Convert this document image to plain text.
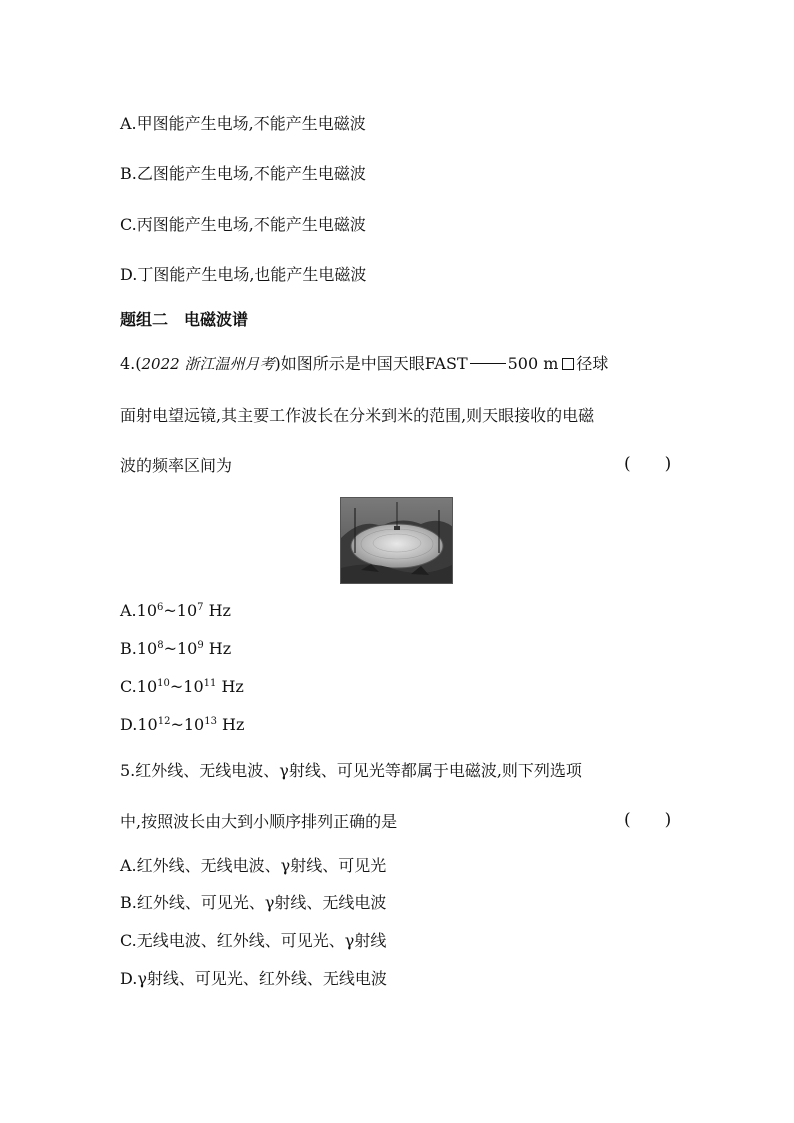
A.甲图能产生电场,不能产生电磁波
B.乙图能产生电场,不能产生电磁波
C.丙图能产生电场,不能产生电磁波
D.丁图能产生电场,也能产生电磁波
题组二　电磁波谱
4.(2022 浙江温州月考)如图所示是中国天眼FAST	500 m 径球
面射电望远镜,其主要工作波长在分米到米的范围,则天眼接收的电磁
波的频率区间为	(　　)
$A.10^6\sim 10^7$ Hz
$B.10^8\sim 10^9$ Hz
$C.10^{10}\sim 10^{11}$ Hz
$D.10^{12}\sim 10^{13}$ Hz
5.红外线、无线电波、γ射线、可见光等都属于电磁波,则下列选项
中,按照波长由大到小顺序排列正确的是	(　　)
A.红外线、无线电波、γ射线、可见光
B.红外线、可见光、γ射线、无线电波
C.无线电波、红外线、可见光、γ射线
D.γ射线、可见光、红外线、无线电波
